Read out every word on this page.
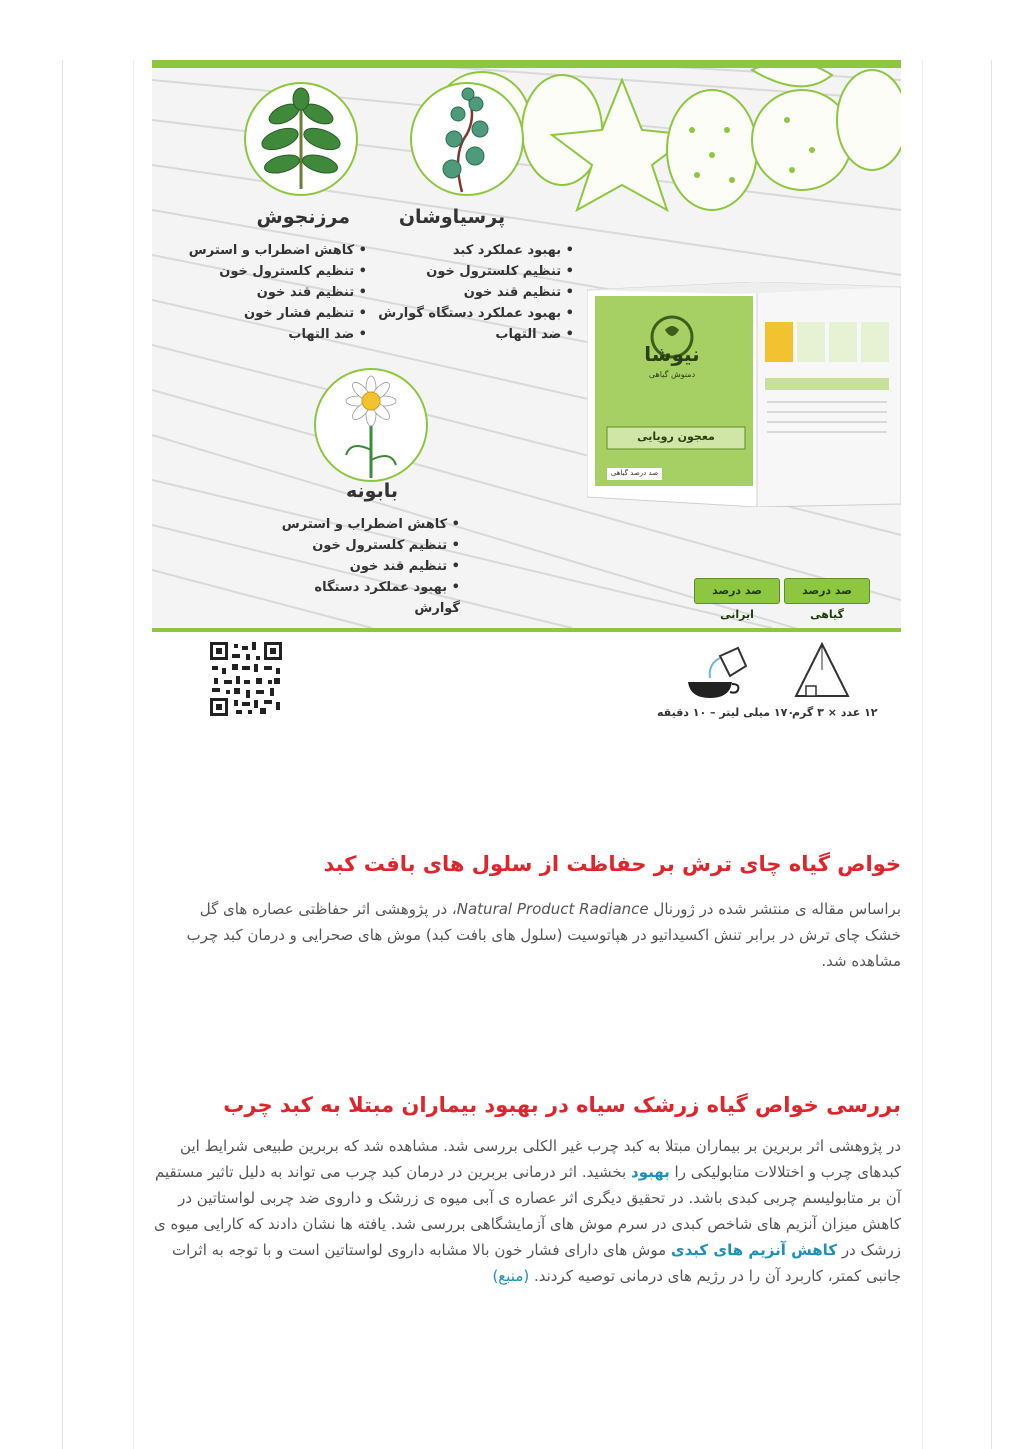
مرزنجوش	پرسیاوشان
بابونه
• کاهش اضطراب و استرس
• تنظیم کلسترول خون
• تنظیم قند خون
• تنظیم فشار خون
• ضد التهاب
• بهبود عملکرد کبد
• تنظیم کلسترول خون
• تنظیم قند خون
• بهبود عملکرد دستگاه گوارش
• ضد التهاب
• کاهش اضطراب و استرس
• تنظیم کلسترول خون
• تنظیم قند خون
• بهبود عملکرد دستگاه گوارش
نیوشا
دمنوش گیاهی
معجون رویایی
صد درصد گیاهی
صد درصد گیاهی
صد درصد ایرانی
۱۲ عدد × ۳ گرم
۱۷۰ میلی لیتر – ۱۰ دقیقه
خواص گیاه چای ترش بر حفاظت از سلول های بافت کبد

براساس مقاله ی منتشر شده در ژورنال Natural Product Radiance، در پژوهشی اثر حفاظتی عصاره های گل خشک چای ترش در برابر تنش اکسیداتیو در هپاتوسیت (سلول های بافت کبد) موش های صحرایی و درمان کبد چرب مشاهده شد.

بررسی خواص گیاه زرشک سیاه در بهبود بیماران مبتلا به کبد چرب

در پژوهشی اثر بربرین بر بیماران مبتلا به کبد چرب غیر الکلی بررسی شد. مشاهده شد که بربرین طبیعی شرایط این کبدهای چرب و اختلالات متابولیکی را بهبود بخشید. اثر درمانی بربرین در درمان کبد چرب می تواند به دلیل تاثیر مستقیم آن بر متابولیسم چربی کبدی باشد. در تحقیق دیگری اثر عصاره ی آبی میوه ی زرشک و داروی ضد چربی لواستاتین در کاهش میزان آنزیم های شاخص کبدی در سرم موش های آزمایشگاهی بررسی شد. یافته ها نشان دادند که کارایی میوه ی زرشک در کاهش آنزیم های کبدی موش های دارای فشار خون بالا مشابه داروی لواستاتین است و با توجه به اثرات جانبی کمتر، کاربرد آن را در رژیم های درمانی توصیه کردند. (منبع)
